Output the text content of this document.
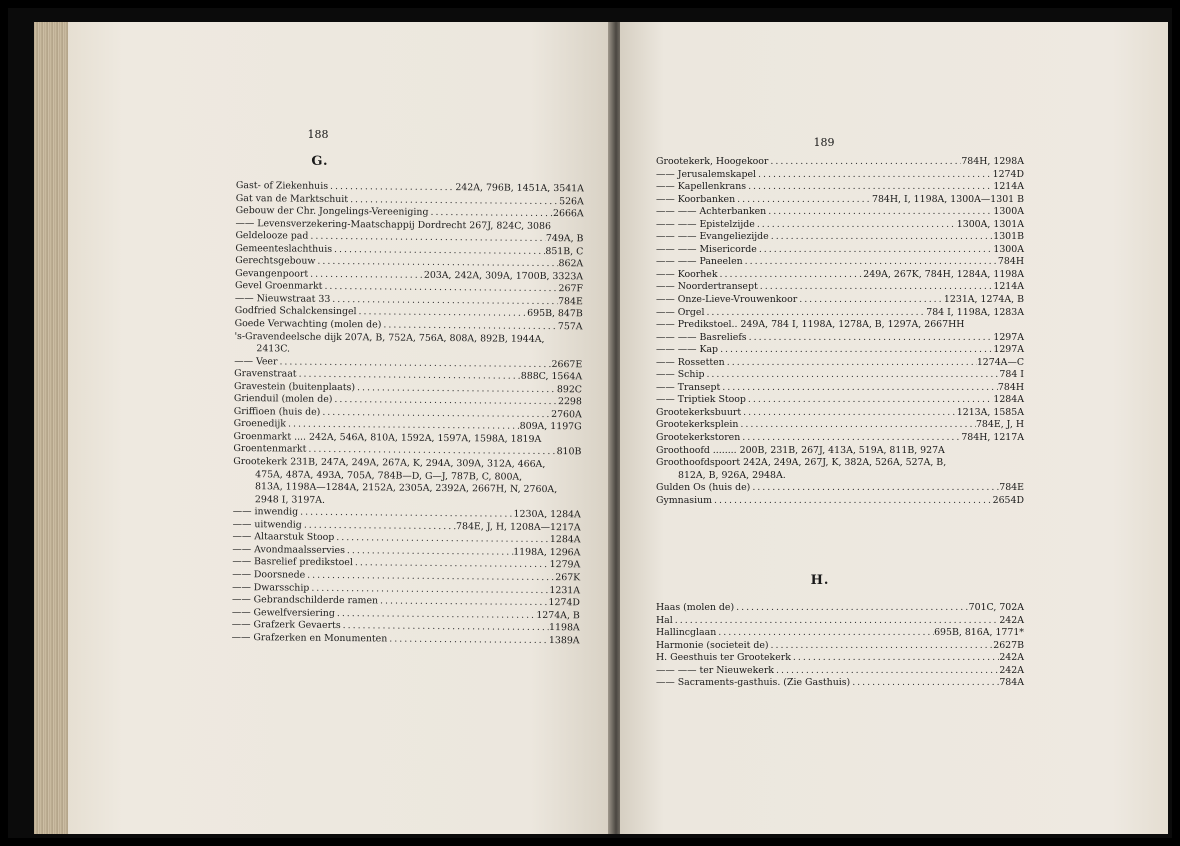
188
G.
Gast- of Ziekenhuis .....	242A, 796B, 1451A, 3541A
Gat van de Marktschuit .....	526A
Gebouw der Chr. Jongelings-Vereeniging .....	2666A
—— Levensverzekering-Maatschappij Dordrecht 267J, 824C, 3086
Geldelooze pad .....	749A, B
Gemeenteslachthuis .....	851B, C
Gerechtsgebouw .....	862A
Gevangenpoort .....	203A, 242A, 309A, 1700B, 3323A
Gevel Groenmarkt .....	267F
—— Nieuwstraat 33 .....	784E
Godfried Schalckensingel .....	695B, 847B
Goede Verwachting (molen de) .....	757A
's-Gravendeelsche dijk 207A, B, 752A, 756A, 808A, 892B, 1944A,
2413C.
—— Veer .....	2667E
Gravenstraat .....	888C, 1564A
Gravestein (buitenplaats) .....	892C
Grienduil (molen de) .....	2298
Griffioen (huis de) .....	2760A
Groenedijk .....	809A, 1197G
Groenmarkt .... 242A, 546A, 810A, 1592A, 1597A, 1598A, 1819A
Groentenmarkt .....	810B
Grootekerk 231B, 247A, 249A, 267A, K, 294A, 309A, 312A, 466A,
475A, 487A, 493A, 705A, 784B—D, G—J, 787B, C, 800A,
813A, 1198A—1284A, 2152A, 2305A, 2392A, 2667H, N, 2760A,
2948 I, 3197A.
—— inwendig .....	1230A, 1284A
—— uitwendig .....	784E, J, H, 1208A—1217A
—— Altaarstuk Stoop .....	1284A
—— Avondmaalsservies .....	1198A, 1296A
—— Basrelief predikstoel .....	1279A
—— Doorsnede .....	267K
—— Dwarsschip .....	1231A
—— Gebrandschilderde ramen .....	1274D
—— Gewelfversiering .....	1274A, B
—— Grafzerk Gevaerts .....	1198A
—— Grafzerken en Monumenten .....	1389A
189
Grootekerk, Hoogekoor .....	784H, 1298A
—— Jerusalemskapel .....	1274D
—— Kapellenkrans .....	1214A
—— Koorbanken .....	784H, I, 1198A, 1300A—1301 B
—— —— Achterbanken .....	1300A
—— —— Epistelzijde .....	1300A, 1301A
—— —— Evangeliezijde .....	1301B
—— —— Misericorde .....	1300A
—— —— Paneelen .....	784H
—— Koorhek .....	249A, 267K, 784H, 1284A, 1198A
—— Noordertransept .....	1214A
—— Onze-Lieve-Vrouwenkoor .....	1231A, 1274A, B
—— Orgel .....	784 I, 1198A, 1283A
—— Predikstoel.. 249A, 784 I, 1198A, 1278A, B, 1297A, 2667HH
—— —— Basreliefs .....	1297A
—— —— Kap .....	1297A
—— Rossetten .....	1274A—C
—— Schip .....	784 I
—— Transept .....	784H
—— Triptiek Stoop .....	1284A
Grootekerksbuurt .....	1213A, 1585A
Grootekerksplein .....	784E, J, H
Grootekerkstoren .....	784H, 1217A
Groothoofd ........ 200B, 231B, 267J, 413A, 519A, 811B, 927A
Groothoofdspoort 242A, 249A, 267J, K, 382A, 526A, 527A, B,
812A, B, 926A, 2948A.
Gulden Os (huis de) .....	784E
Gymnasium .....	2654D
H.
Haas (molen de) .....	701C, 702A
Hal .....	242A
Hallincglaan .....	695B, 816A, 1771*
Harmonie (societeit de) .....	2627B
H. Geesthuis ter Grootekerk .....	242A
—— —— ter Nieuwekerk .....	242A
—— Sacraments-gasthuis. (Zie Gasthuis) .....	784A
